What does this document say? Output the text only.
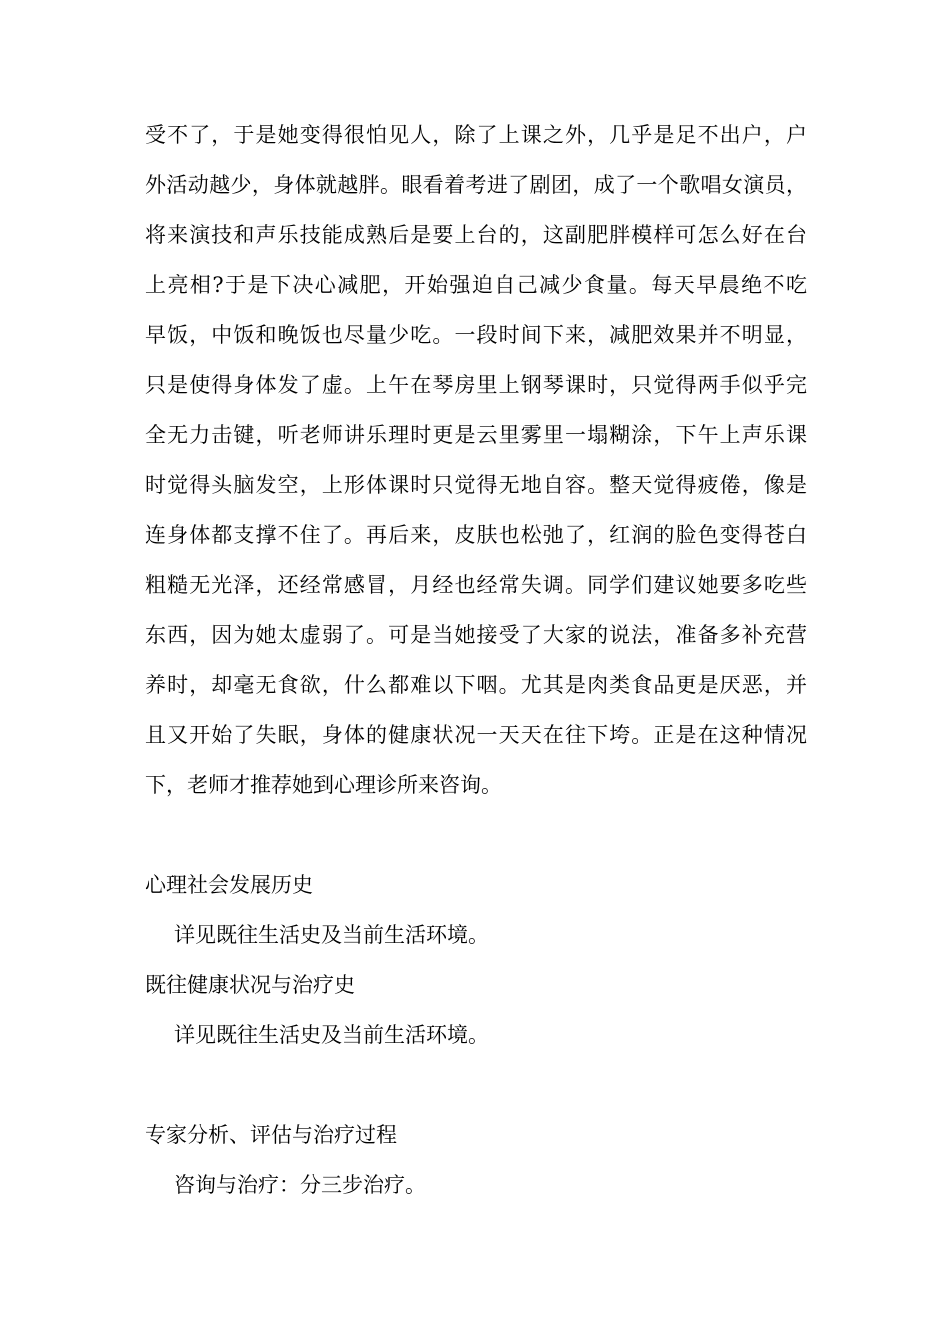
受不了，于是她变得很怕见人，除了上课之外，几乎是足不出户，户
外活动越少，身体就越胖。眼看着考进了剧团，成了一个歌唱女演员，
将来演技和声乐技能成熟后是要上台的，这副肥胖模样可怎么好在台
上亮相?于是下决心减肥，开始强迫自己减少食量。每天早晨绝不吃
早饭，中饭和晚饭也尽量少吃。一段时间下来，减肥效果并不明显，
只是使得身体发了虚。上午在琴房里上钢琴课时，只觉得两手似乎完
全无力击键，听老师讲乐理时更是云里雾里一塌糊涂，下午上声乐课
时觉得头脑发空，上形体课时只觉得无地自容。整天觉得疲倦，像是
连身体都支撑不住了。再后来，皮肤也松弛了，红润的脸色变得苍白
粗糙无光泽，还经常感冒，月经也经常失调。同学们建议她要多吃些
东西，因为她太虚弱了。可是当她接受了大家的说法，准备多补充营
养时，却毫无食欲，什么都难以下咽。尤其是肉类食品更是厌恶，并
且又开始了失眠，身体的健康状况一天天在往下垮。正是在这种情况
下，老师才推荐她到心理诊所来咨询。
心理社会发展历史
详见既往生活史及当前生活环境。
既往健康状况与治疗史
详见既往生活史及当前生活环境。
专家分析、评估与治疗过程
咨询与治疗：分三步治疗。
